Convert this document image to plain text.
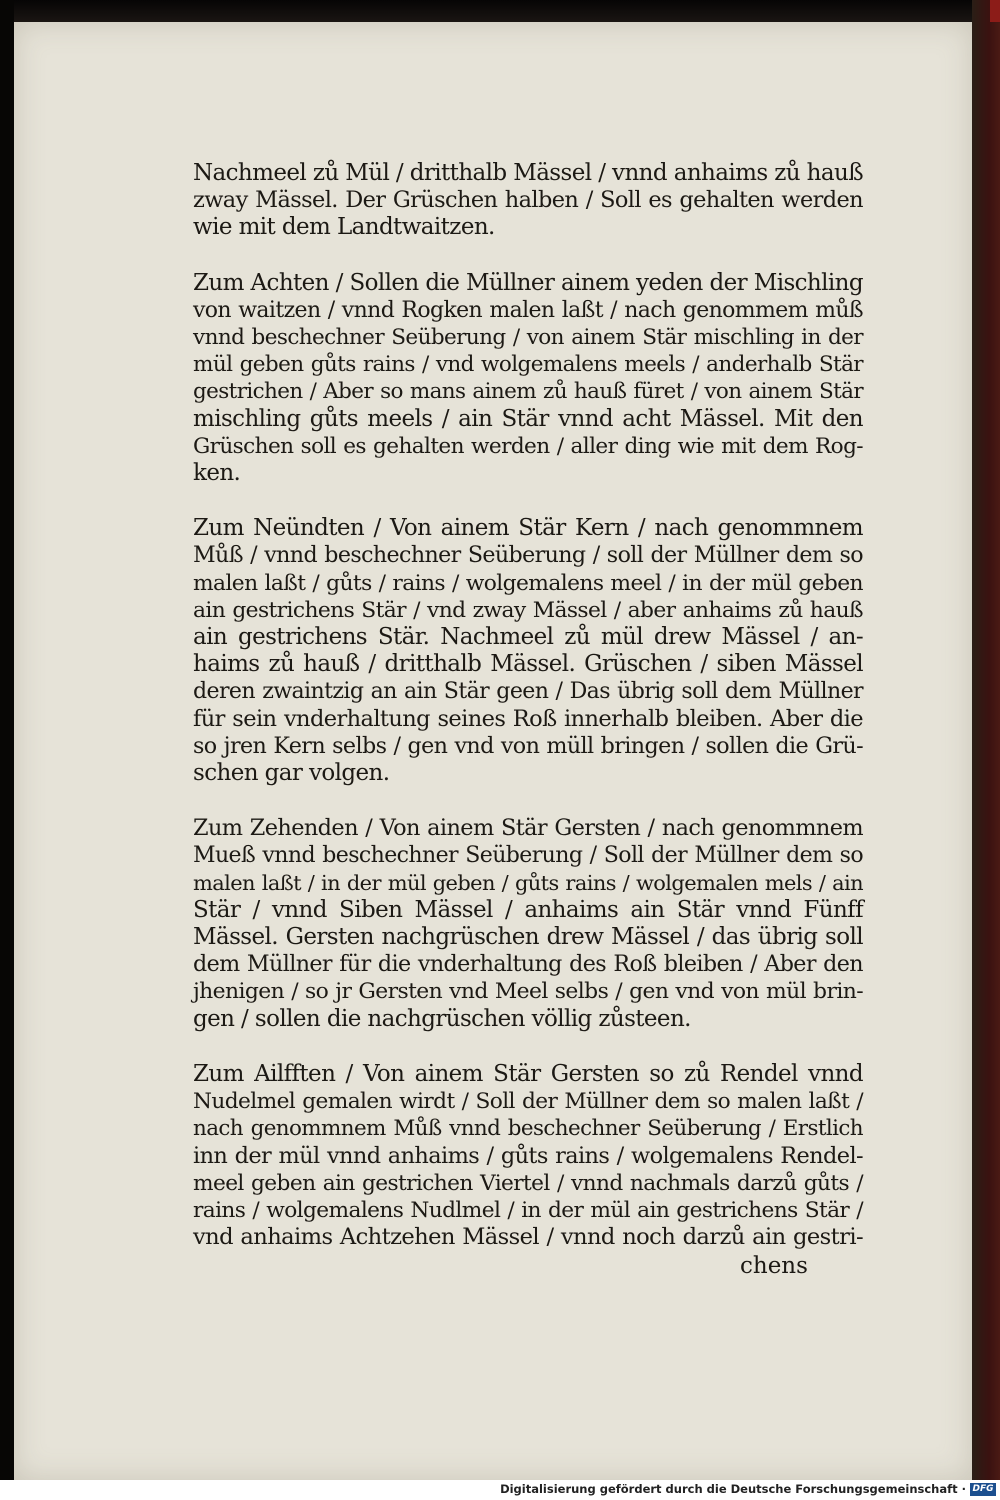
Nachmeel zů Mül / dritthalb Mässel / vnnd anhaims zů hauß
zway Mässel. Der Grüschen halben / Soll es gehalten werden
wie mit dem Landtwaitzen.
Zum Achten / Sollen die Müllner ainem yeden der Mischling
von waitzen / vnnd Rogken malen laßt / nach genommem můß
vnnd beschechner Seüberung / von ainem Stär mischling in der
mül geben gůts rains / vnd wolgemalens meels / anderhalb Stär
gestrichen / Aber so mans ainem zů hauß füret / von ainem Stär
mischling gůts meels / ain Stär vnnd acht Mässel. Mit den
Grüschen soll es gehalten werden / aller ding wie mit dem Rog-
ken.
Zum Neündten / Von ainem Stär Kern / nach genommnem
Můß / vnnd beschechner Seüberung / soll der Müllner dem so
malen laßt / gůts / rains / wolgemalens meel / in der mül geben
ain gestrichens Stär / vnd zway Mässel / aber anhaims zů hauß
ain gestrichens Stär. Nachmeel zů mül drew Mässel / an-
haims zů hauß / dritthalb Mässel. Grüschen / siben Mässel
deren zwaintzig an ain Stär geen / Das übrig soll dem Müllner
für sein vnderhaltung seines Roß innerhalb bleiben. Aber die
so jren Kern selbs / gen vnd von müll bringen / sollen die Grü-
schen gar volgen.
Zum Zehenden / Von ainem Stär Gersten / nach genommnem
Mueß vnnd beschechner Seüberung / Soll der Müllner dem so
malen laßt / in der mül geben / gůts rains / wolgemalen mels / ain
Stär / vnnd Siben Mässel / anhaims ain Stär vnnd Fünff
Mässel. Gersten nachgrüschen drew Mässel / das übrig soll
dem Müllner für die vnderhaltung des Roß bleiben / Aber den
jhenigen / so jr Gersten vnd Meel selbs / gen vnd von mül brin-
gen / sollen die nachgrüschen völlig zůsteen.
Zum Ailfften / Von ainem Stär Gersten so zů Rendel vnnd
Nudelmel gemalen wirdt / Soll der Müllner dem so malen laßt /
nach genommnem Můß vnnd beschechner Seüberung / Erstlich
inn der mül vnnd anhaims / gůts rains / wolgemalens Rendel-
meel geben ain gestrichen Viertel / vnnd nachmals darzů gůts /
rains / wolgemalens Nudlmel / in der mül ain gestrichens Stär /
vnd anhaims Achtzehen Mässel / vnnd noch darzů ain gestri-
chens
Digitalisierung gefördert durch die Deutsche Forschungsgemeinschaft · DFG
